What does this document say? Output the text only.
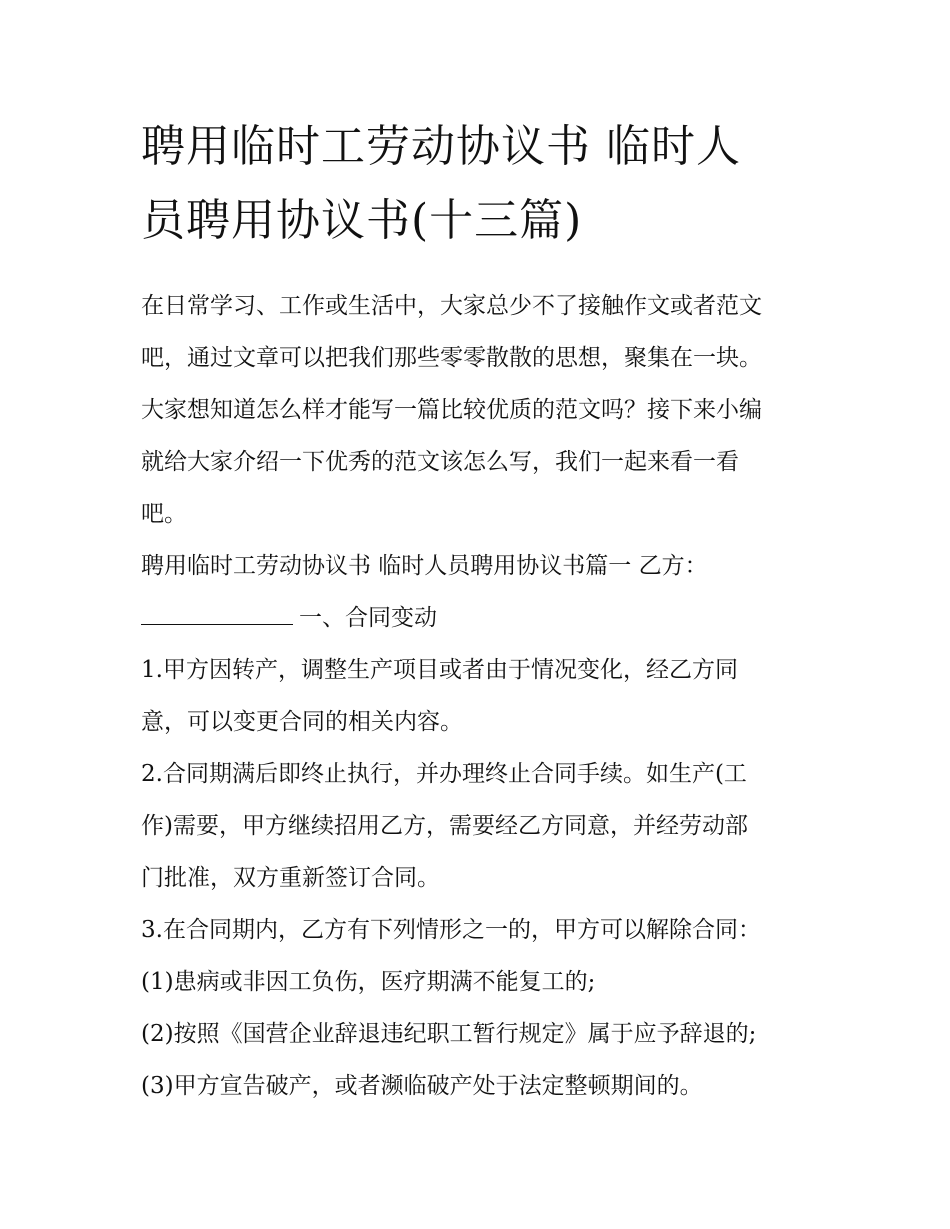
聘用临时工劳动协议书 临时人
员聘用协议书(十三篇)

在日常学习、工作或生活中，大家总少不了接触作文或者范文

吧，通过文章可以把我们那些零零散散的思想，聚集在一块。

大家想知道怎么样才能写一篇比较优质的范文吗？接下来小编

就给大家介绍一下优秀的范文该怎么写，我们一起来看一看

吧。

聘用临时工劳动协议书 临时人员聘用协议书篇一 乙方：

一、合同变动

1.甲方因转产，调整生产项目或者由于情况变化，经乙方同

意，可以变更合同的相关内容。

2.合同期满后即终止执行，并办理终止合同手续。如生产(工

作)需要，甲方继续招用乙方，需要经乙方同意，并经劳动部

门批准，双方重新签订合同。

3.在合同期内，乙方有下列情形之一的，甲方可以解除合同：

(1)患病或非因工负伤，医疗期满不能复工的;

(2)按照《国营企业辞退违纪职工暂行规定》属于应予辞退的;

(3)甲方宣告破产，或者濒临破产处于法定整顿期间的。
